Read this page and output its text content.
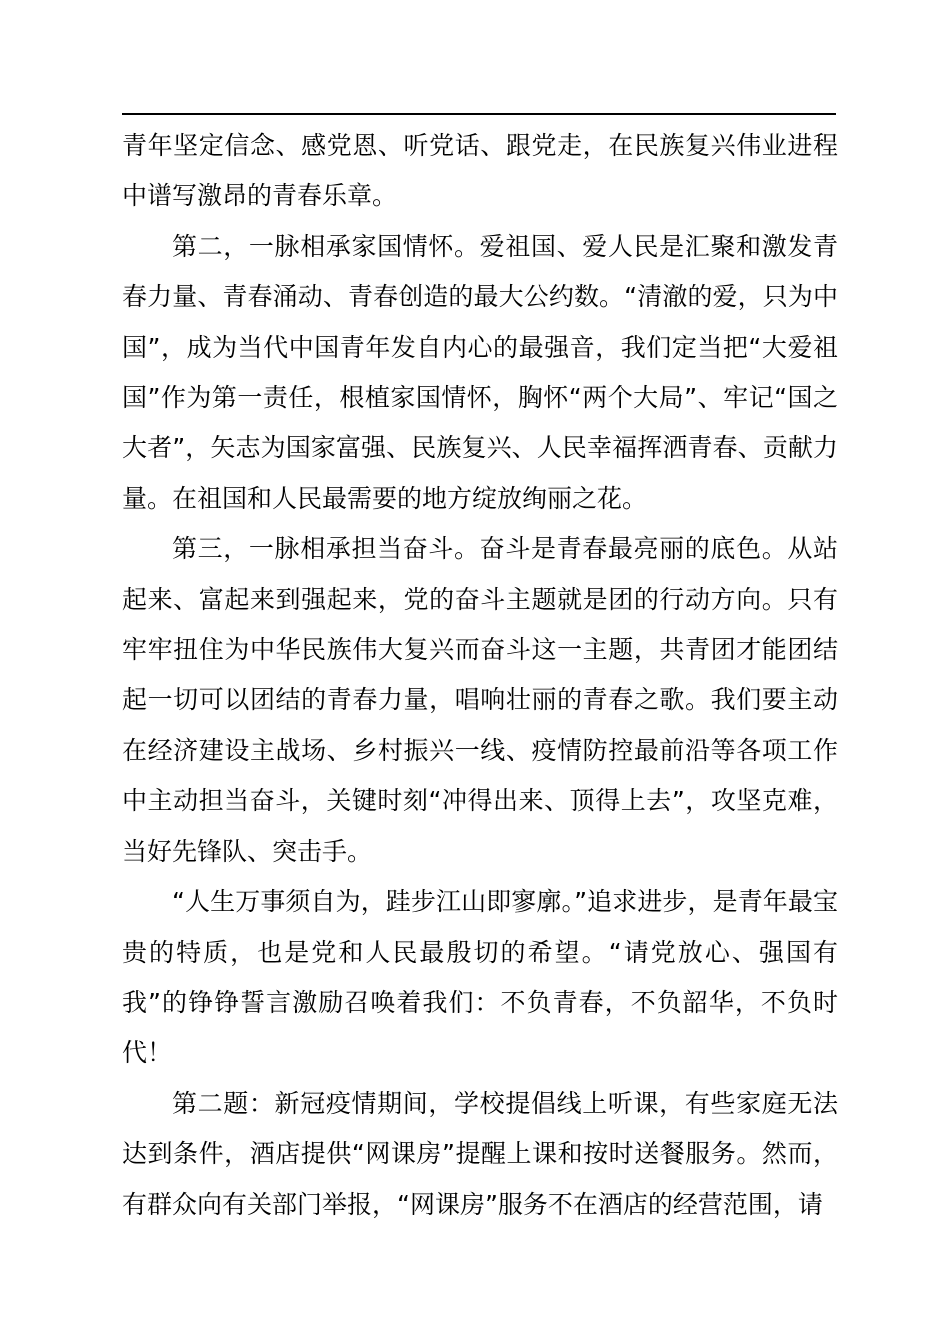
青年坚定信念、感党恩、听党话、跟党走，在民族复兴伟业进程中谱写激昂的青春乐章。

第二，一脉相承家国情怀。爱祖国、爱人民是汇聚和激发青春力量、青春涌动、青春创造的最大公约数。“清澈的爱，只为中国”，成为当代中国青年发自内心的最强音，我们定当把“大爱祖国”作为第一责任，根植家国情怀，胸怀“两个大局”、牢记“国之大者”，矢志为国家富强、民族复兴、人民幸福挥洒青春、贡献力量。在祖国和人民最需要的地方绽放绚丽之花。

第三，一脉相承担当奋斗。奋斗是青春最亮丽的底色。从站起来、富起来到强起来，党的奋斗主题就是团的行动方向。只有牢牢扭住为中华民族伟大复兴而奋斗这一主题，共青团才能团结起一切可以团结的青春力量，唱响壮丽的青春之歌。我们要主动在经济建设主战场、乡村振兴一线、疫情防控最前沿等各项工作中主动担当奋斗，关键时刻“冲得出来、顶得上去”，攻坚克难，当好先锋队、突击手。

“人生万事须自为，跬步江山即寥廓。”追求进步，是青年最宝贵的特质，也是党和人民最殷切的希望。“请党放心、强国有我”的铮铮誓言激励召唤着我们：不负青春，不负韶华，不负时代！

第二题：新冠疫情期间，学校提倡线上听课，有些家庭无法达到条件，酒店提供“网课房”提醒上课和按时送餐服务。然而，有群众向有关部门举报，“网课房”服务不在酒店的经营范围，请
